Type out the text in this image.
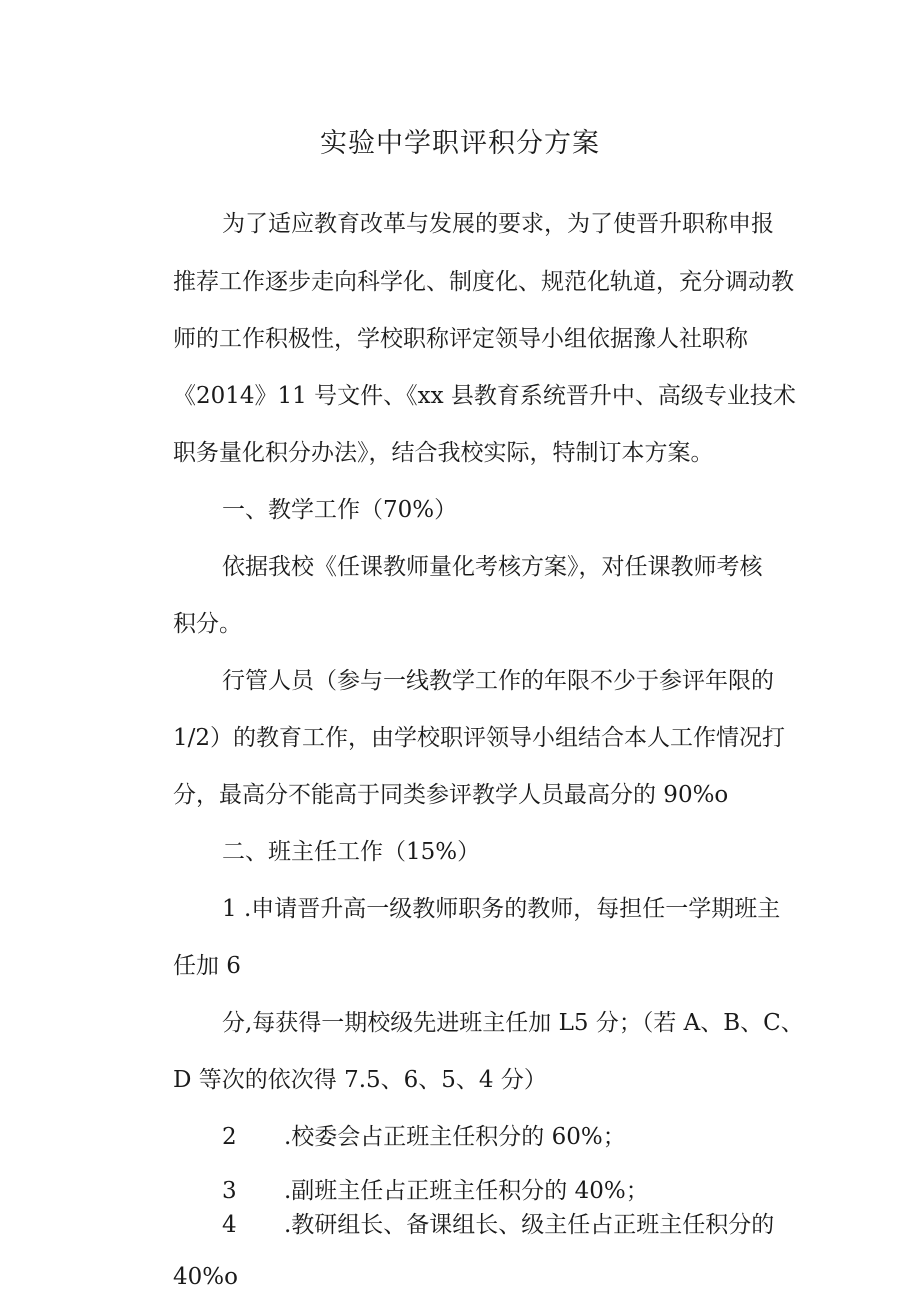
实验中学职评积分方案
为了适应教育改革与发展的要求，为了使晋升职称申报
推荐工作逐步走向科学化、制度化、规范化轨道，充分调动教
师的工作积极性，学校职称评定领导小组依据豫人社职称
《2014》11 号文件、《xx 县教育系统晋升中、高级专业技术
职务量化积分办法》，结合我校实际，特制订本方案。
一、教学工作（70%）
依据我校《任课教师量化考核方案》，对任课教师考核
积分。
行管人员（参与一线教学工作的年限不少于参评年限的
1/2）的教育工作，由学校职评领导小组结合本人工作情况打
分，最高分不能高于同类参评教学人员最高分的 90%o
二、班主任工作（15%）
1 .申请晋升高一级教师职务的教师，每担任一学期班主
任加 6
分,每获得一期校级先进班主任加 L5 分；（若 A、B、C、
D 等次的依次得 7.5、6、5、4 分）
2 .校委会占正班主任积分的 60%；
3 .副班主任占正班主任积分的 40%；
4 .教研组长、备课组长、级主任占正班主任积分的
40%o
